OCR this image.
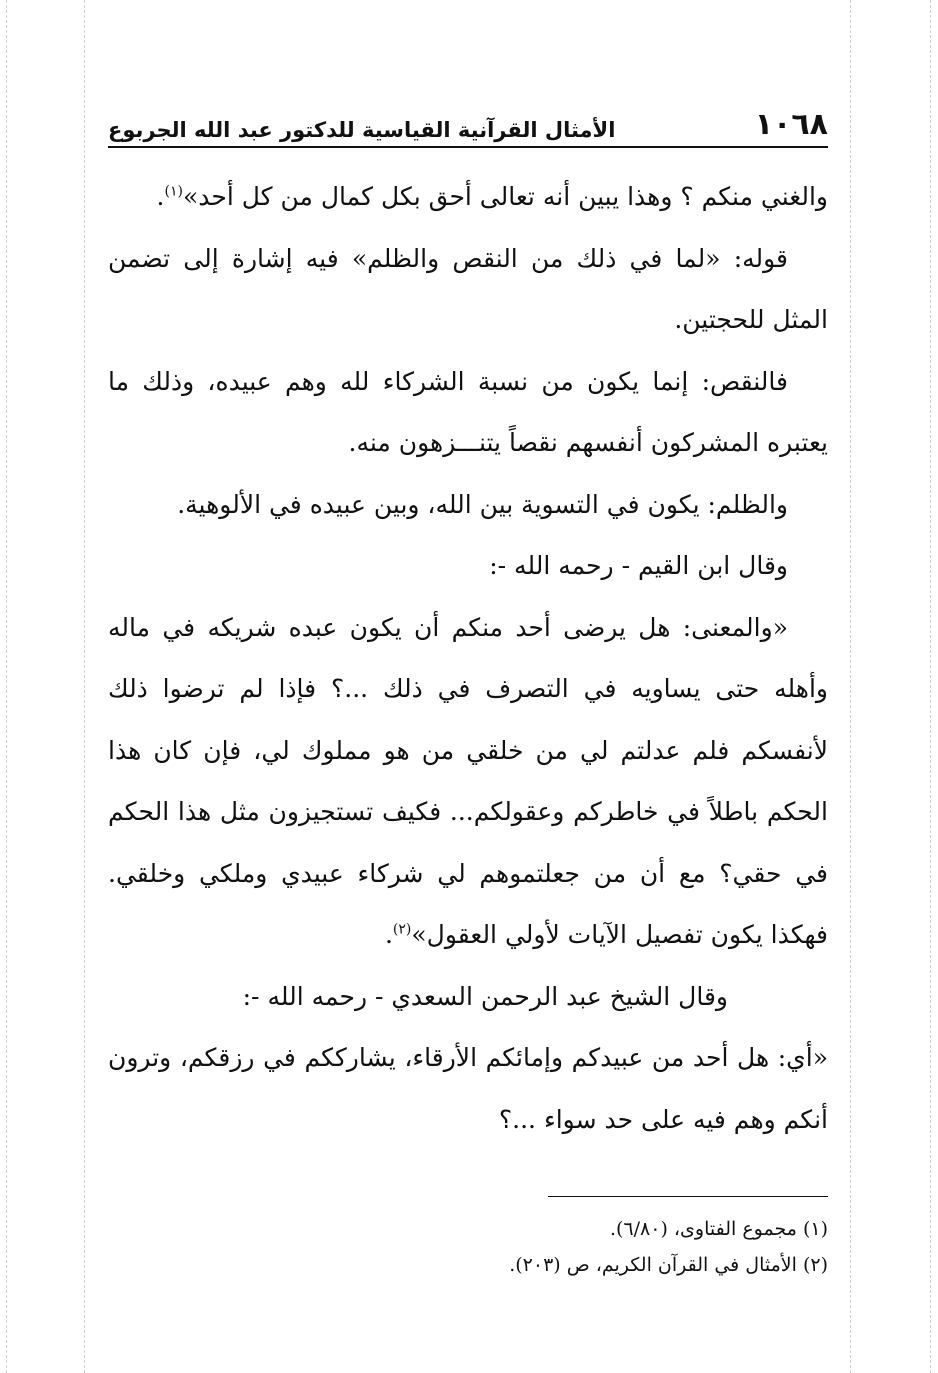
١٠٦٨
الأمثال القرآنية القياسية للدكتور عبد الله الجربوع

والغني منكم ؟ وهذا يبين أنه تعالى أحق بكل كمال من كل أحد»$^{(١)}$.

قوله: «لما في ذلك من النقص والظلم» فيه إشارة إلى تضمن المثل للحجتين.

فالنقص: إنما يكون من نسبة الشركاء لله وهم عبيده، وذلك ما يعتبره المشركون أنفسهم نقصاً يتنـــزهون منه.

والظلم: يكون في التسوية بين الله، وبين عبيده في الألوهية.

وقال ابن القيم - رحمه الله -:

«والمعنى: هل يرضى أحد منكم أن يكون عبده شريكه في ماله وأهله حتى يساويه في التصرف في ذلك ...؟ فإذا لم ترضوا ذلك لأنفسكم فلم عدلتم لي من خلقي من هو مملوك لي، فإن كان هذا الحكم باطلاً في خاطركم وعقولكم... فكيف تستجيزون مثل هذا الحكم في حقي؟ مع أن من جعلتموهم لي شركاء عبيدي وملكي وخلقي. فهكذا يكون تفصيل الآيات لأولي العقول»$^{(٢)}$.

وقال الشيخ عبد الرحمن السعدي - رحمه الله -:

«أي: هل أحد من عبيدكم وإمائكم الأرقاء، يشارككم في رزقكم، وترون أنكم وهم فيه على حد سواء ...؟

(١) مجموع الفتاوى، (٦/٨٠).

(٢) الأمثال في القرآن الكريم، ص (٢٠٣).
